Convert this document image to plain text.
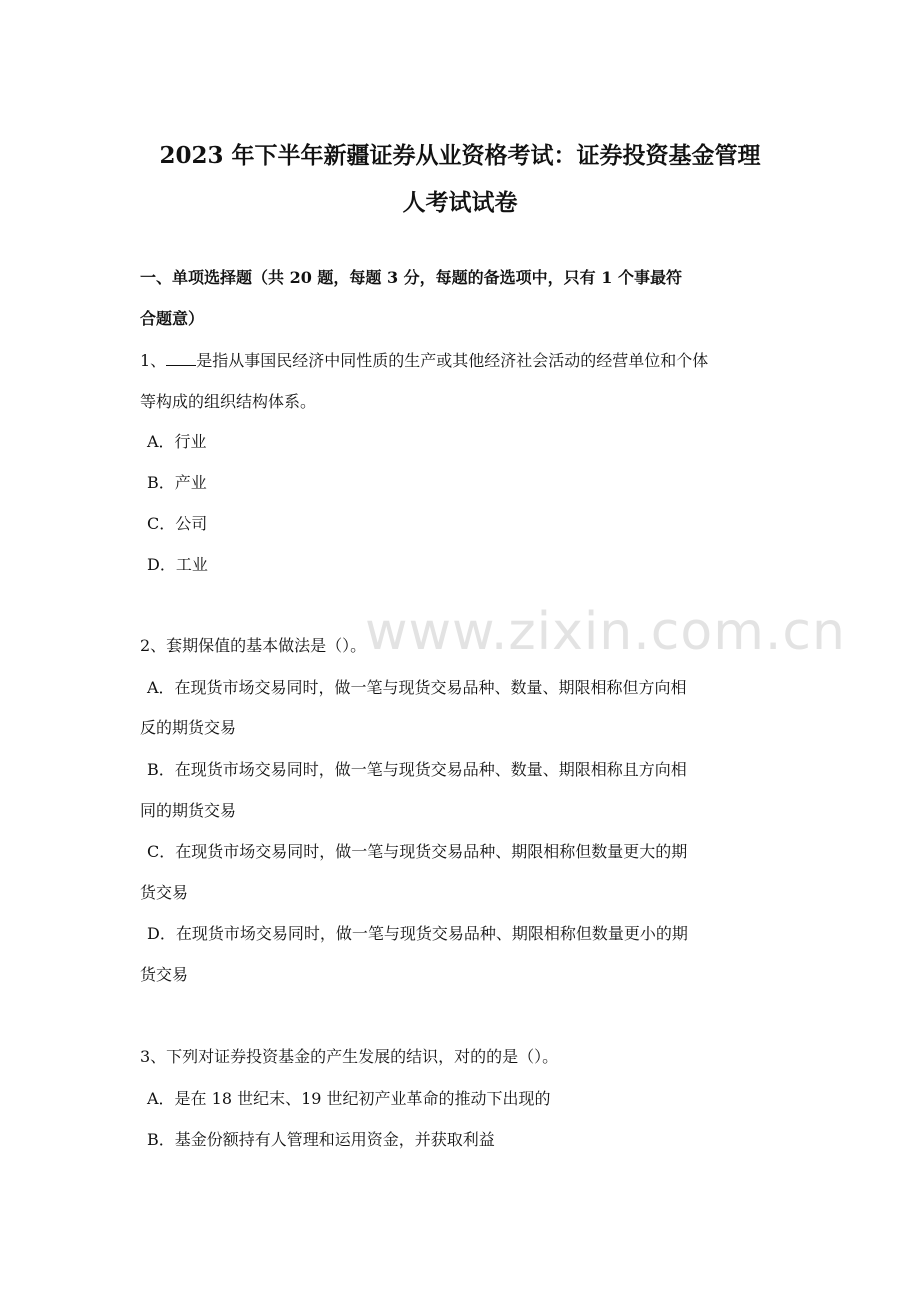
www.zixin.com.cn
2023 年下半年新疆证券从业资格考试：证券投资基金管理
人考试试卷
一、单项选择题（共 20 题，每题 3 分，每题的备选项中，只有 1 个事最符
合题意）
1、 是指从事国民经济中同性质的生产或其他经济社会活动的经营单位和个体
等构成的组织结构体系。
A．行业
B．产业
C．公司
D．工业
2、套期保值的基本做法是（）。
A．在现货市场交易同时，做一笔与现货交易品种、数量、期限相称但方向相
反的期货交易
B．在现货市场交易同时，做一笔与现货交易品种、数量、期限相称且方向相
同的期货交易
C．在现货市场交易同时，做一笔与现货交易品种、期限相称但数量更大的期
货交易
D．在现货市场交易同时，做一笔与现货交易品种、期限相称但数量更小的期
货交易
3、下列对证券投资基金的产生发展的结识，对的的是（）。
A．是在 18 世纪末、19 世纪初产业革命的推动下出现的
B．基金份额持有人管理和运用资金，并获取利益
